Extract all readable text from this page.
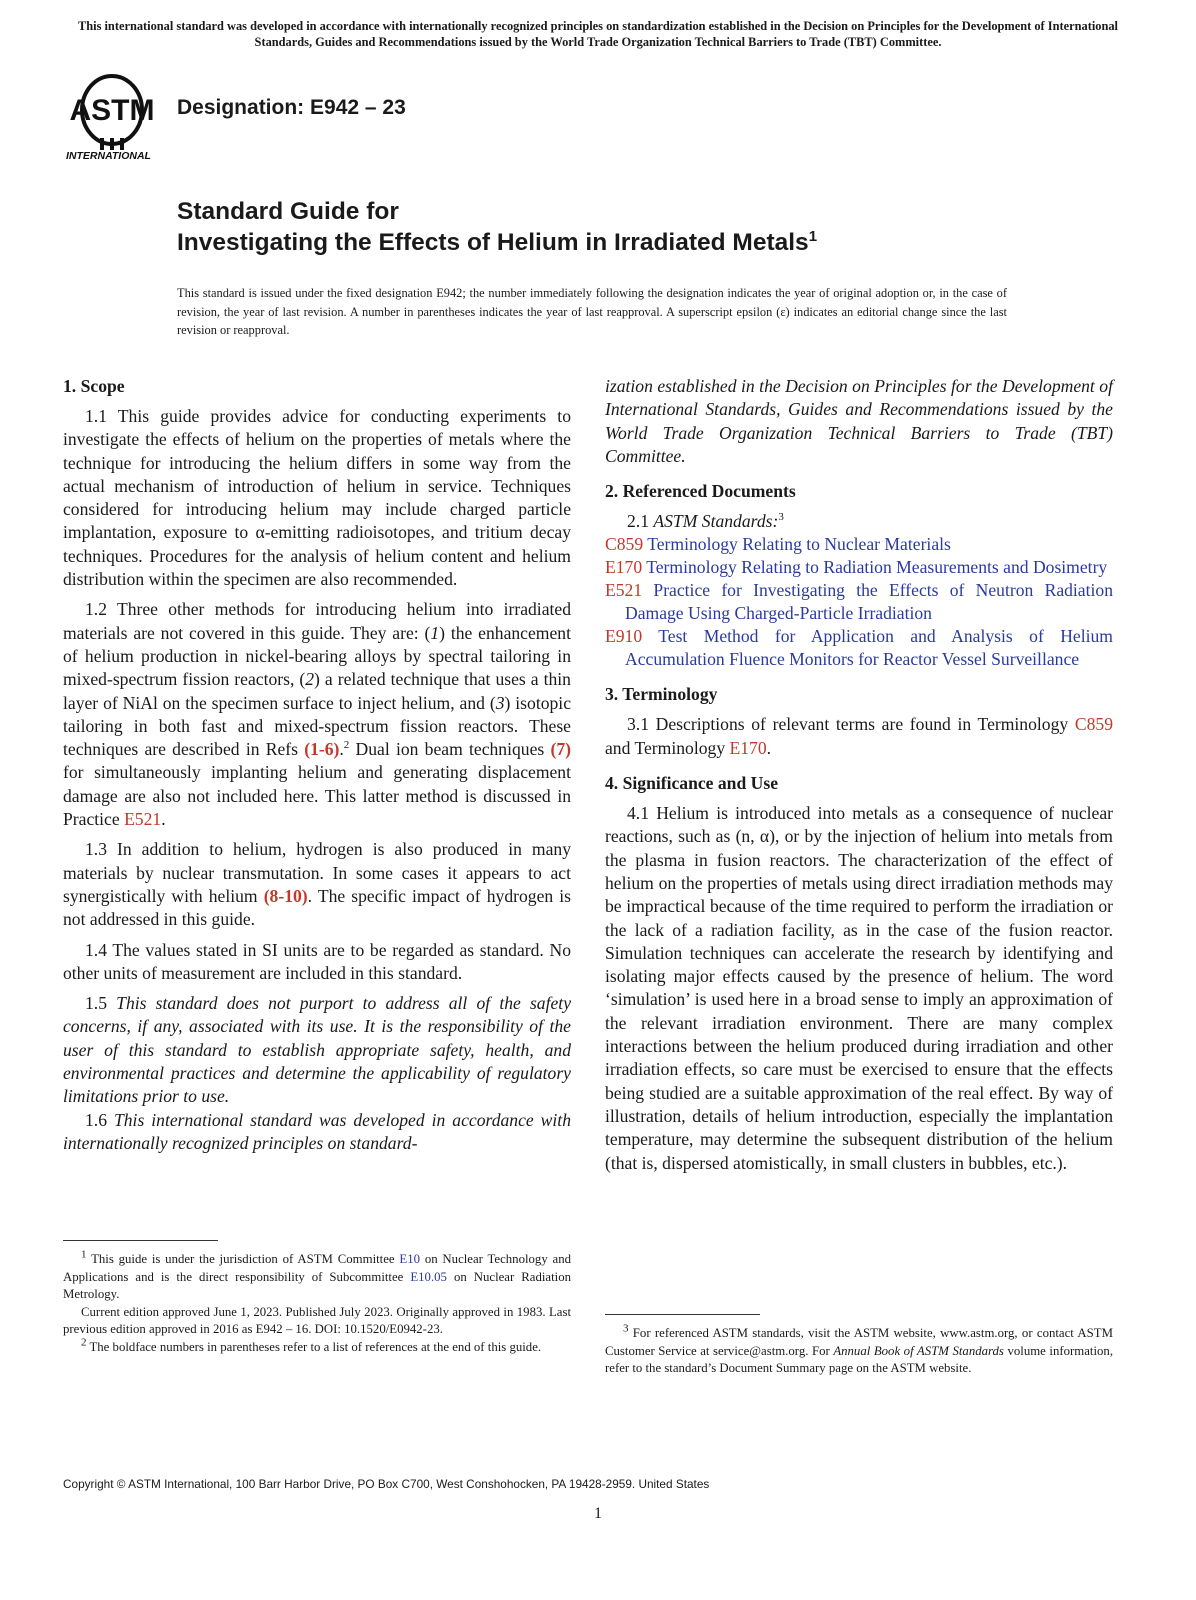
This international standard was developed in accordance with internationally recognized principles on standardization established in the Decision on Principles for the Development of International Standards, Guides and Recommendations issued by the World Trade Organization Technical Barriers to Trade (TBT) Committee.
ASTM
INTERNATIONAL
Designation: E942 – 23
Standard Guide for
Investigating the Effects of Helium in Irradiated Metals$^1$
This standard is issued under the fixed designation E942; the number immediately following the designation indicates the year of original adoption or, in the case of revision, the year of last revision. A number in parentheses indicates the year of last reapproval. A superscript epsilon (ε) indicates an editorial change since the last revision or reapproval.
1. Scope

1.1 This guide provides advice for conducting experiments to investigate the effects of helium on the properties of metals where the technique for introducing the helium differs in some way from the actual mechanism of introduction of helium in service. Techniques considered for introducing helium may include charged particle implantation, exposure to α-emitting radioisotopes, and tritium decay techniques. Procedures for the analysis of helium content and helium distribution within the specimen are also recommended.

1.2 Three other methods for introducing helium into irradiated materials are not covered in this guide. They are: (1) the enhancement of helium production in nickel-bearing alloys by spectral tailoring in mixed-spectrum fission reactors, (2) a related technique that uses a thin layer of NiAl on the specimen surface to inject helium, and (3) isotopic tailoring in both fast and mixed-spectrum fission reactors. These techniques are described in Refs (1-6).$^2$ Dual ion beam techniques (7) for simultaneously implanting helium and generating displacement damage are also not included here. This latter method is discussed in Practice E521.

1.3 In addition to helium, hydrogen is also produced in many materials by nuclear transmutation. In some cases it appears to act synergistically with helium (8-10). The specific impact of hydrogen is not addressed in this guide.

1.4 The values stated in SI units are to be regarded as standard. No other units of measurement are included in this standard.

1.5 This standard does not purport to address all of the safety concerns, if any, associated with its use. It is the responsibility of the user of this standard to establish appropriate safety, health, and environmental practices and determine the applicability of regulatory limitations prior to use.

1.6 This international standard was developed in accordance with internationally recognized principles on standard-

$^1$ This guide is under the jurisdiction of ASTM Committee E10 on Nuclear Technology and Applications and is the direct responsibility of Subcommittee E10.05 on Nuclear Radiation Metrology.

Current edition approved June 1, 2023. Published July 2023. Originally approved in 1983. Last previous edition approved in 2016 as E942 – 16. DOI: 10.1520/E0942-23.

$^2$ The boldface numbers in parentheses refer to a list of references at the end of this guide.

ization established in the Decision on Principles for the Development of International Standards, Guides and Recommendations issued by the World Trade Organization Technical Barriers to Trade (TBT) Committee.

2. Referenced Documents

2.1 ASTM Standards:$^3$

C859 Terminology Relating to Nuclear Materials
E170 Terminology Relating to Radiation Measurements and Dosimetry
E521 Practice for Investigating the Effects of Neutron Radiation Damage Using Charged-Particle Irradiation
E910 Test Method for Application and Analysis of Helium Accumulation Fluence Monitors for Reactor Vessel Surveillance
3. Terminology

3.1 Descriptions of relevant terms are found in Terminology C859 and Terminology E170.

4. Significance and Use

4.1 Helium is introduced into metals as a consequence of nuclear reactions, such as (n, α), or by the injection of helium into metals from the plasma in fusion reactors. The characterization of the effect of helium on the properties of metals using direct irradiation methods may be impractical because of the time required to perform the irradiation or the lack of a radiation facility, as in the case of the fusion reactor. Simulation techniques can accelerate the research by identifying and isolating major effects caused by the presence of helium. The word ‘simulation’ is used here in a broad sense to imply an approximation of the relevant irradiation environment. There are many complex interactions between the helium produced during irradiation and other irradiation effects, so care must be exercised to ensure that the effects being studied are a suitable approximation of the real effect. By way of illustration, details of helium introduction, especially the implantation temperature, may determine the subsequent distribution of the helium (that is, dispersed atomistically, in small clusters in bubbles, etc.).

$^3$ For referenced ASTM standards, visit the ASTM website, www.astm.org, or contact ASTM Customer Service at service@astm.org. For Annual Book of ASTM Standards volume information, refer to the standard’s Document Summary page on the ASTM website.

Copyright © ASTM International, 100 Barr Harbor Drive, PO Box C700, West Conshohocken, PA 19428-2959. United States
1
